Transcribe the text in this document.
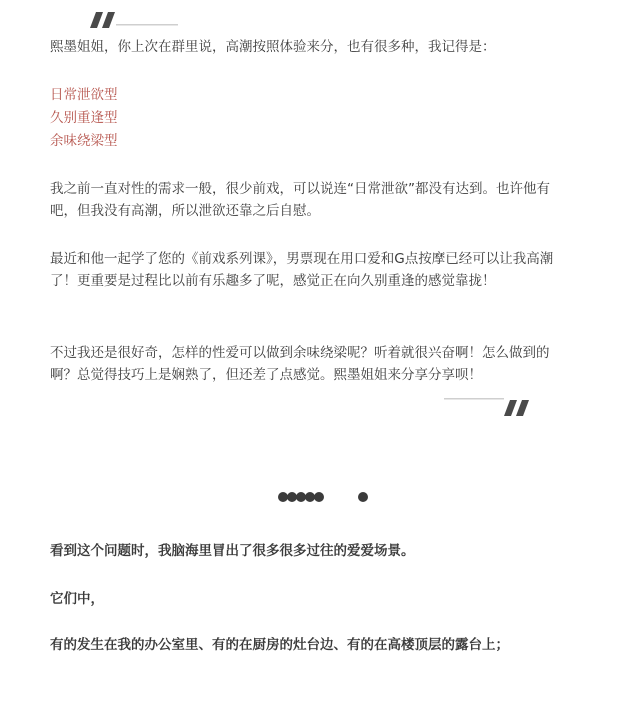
熙墨姐姐，你上次在群里说，高潮按照体验来分，也有很多种，我记得是：

日常泄欲型

久别重逢型

余味绕梁型

我之前一直对性的需求一般，很少前戏，可以说连“日常泄欲”都没有达到。也许他有吧，但我没有高潮，所以泄欲还靠之后自慰。

最近和他一起学了您的《前戏系列课》，男票现在用口爱和G点按摩已经可以让我高潮了！更重要是过程比以前有乐趣多了呢，感觉正在向久别重逢的感觉靠拢！

不过我还是很好奇，怎样的性爱可以做到余味绕梁呢？听着就很兴奋啊！怎么做到的啊？总觉得技巧上是娴熟了，但还差了点感觉。熙墨姐姐来分享分享呗！

看到这个问题时，我脑海里冒出了很多很多过往的爱爱场景。

它们中，

有的发生在我的办公室里、有的在厨房的灶台边、有的在高楼顶层的露台上；
